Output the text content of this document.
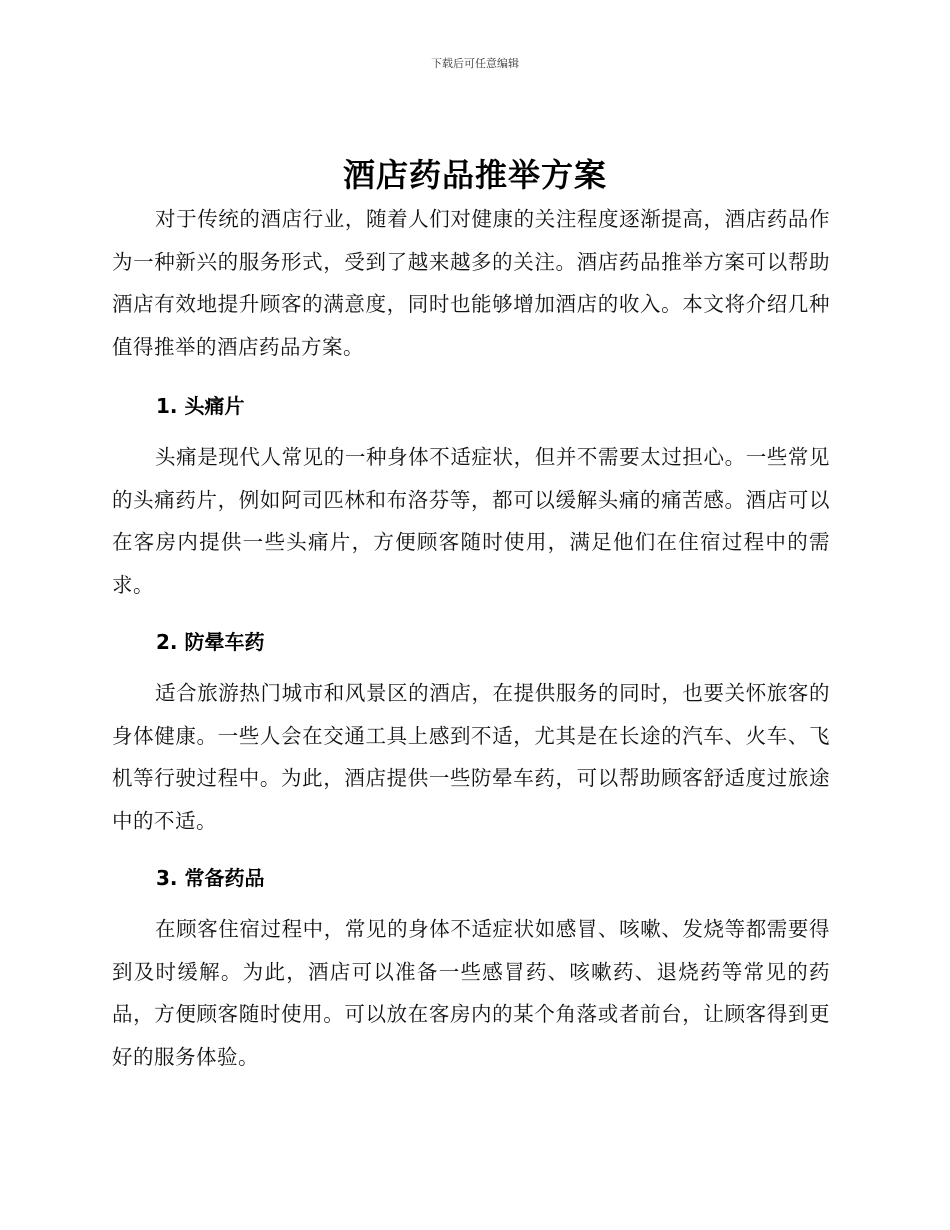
下载后可任意编辑
酒店药品推举方案

对于传统的酒店行业，随着人们对健康的关注程度逐渐提高，酒店药品作为一种新兴的服务形式，受到了越来越多的关注。酒店药品推举方案可以帮助酒店有效地提升顾客的满意度，同时也能够增加酒店的收入。本文将介绍几种值得推举的酒店药品方案。

1. 头痛片

头痛是现代人常见的一种身体不适症状，但并不需要太过担心。一些常见的头痛药片，例如阿司匹林和布洛芬等，都可以缓解头痛的痛苦感。酒店可以在客房内提供一些头痛片，方便顾客随时使用，满足他们在住宿过程中的需求。

2. 防晕车药

适合旅游热门城市和风景区的酒店，在提供服务的同时，也要关怀旅客的身体健康。一些人会在交通工具上感到不适，尤其是在长途的汽车、火车、飞机等行驶过程中。为此，酒店提供一些防晕车药，可以帮助顾客舒适度过旅途中的不适。

3. 常备药品

在顾客住宿过程中，常见的身体不适症状如感冒、咳嗽、发烧等都需要得到及时缓解。为此，酒店可以准备一些感冒药、咳嗽药、退烧药等常见的药品，方便顾客随时使用。可以放在客房内的某个角落或者前台，让顾客得到更好的服务体验。
